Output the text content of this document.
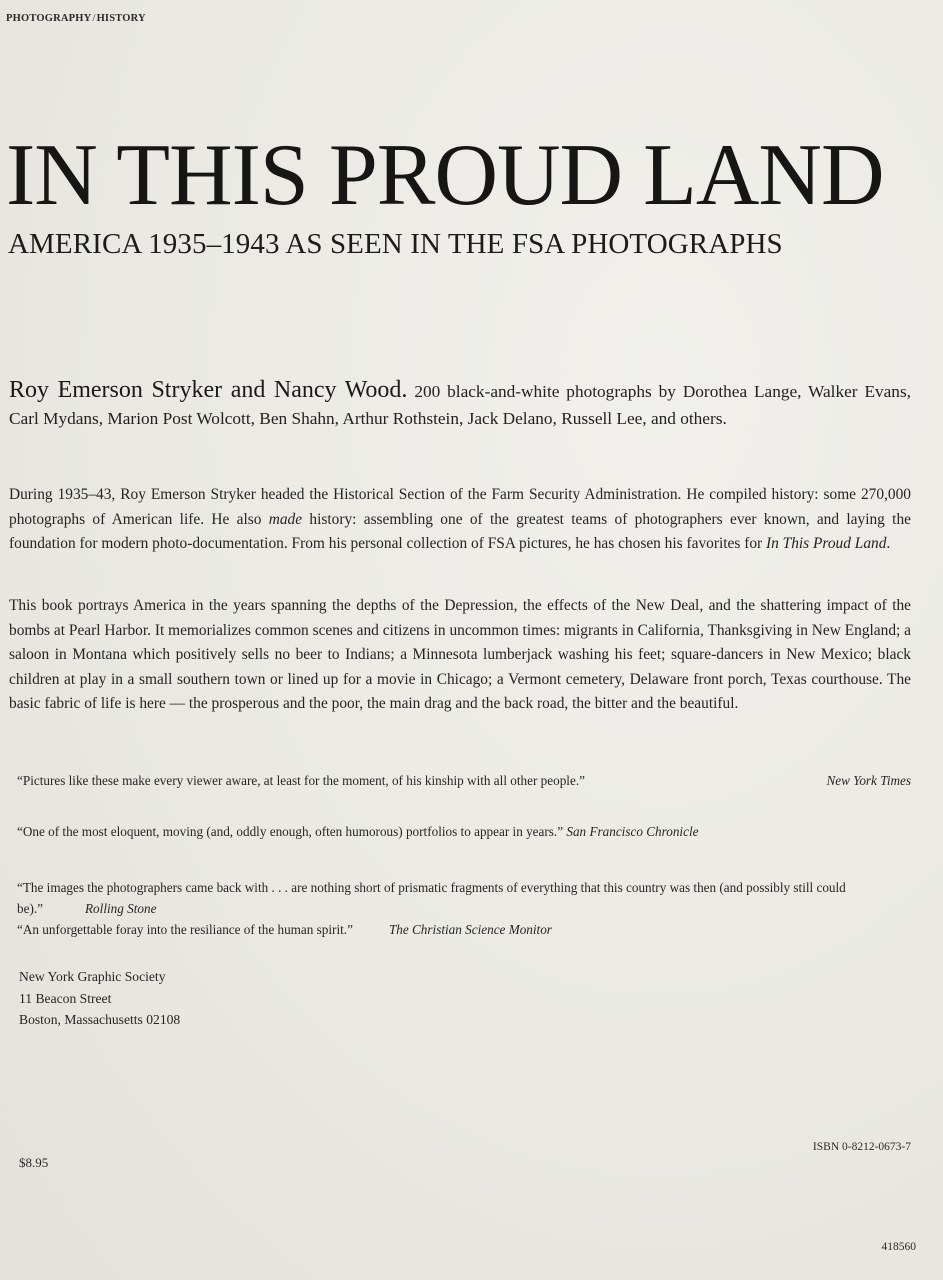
PHOTOGRAPHY/HISTORY
IN THIS PROUD LAND
AMERICA 1935–1943 AS SEEN IN THE FSA PHOTOGRAPHS
Roy Emerson Stryker and Nancy Wood. 200 black-and-white photographs by Dorothea Lange, Walker Evans, Carl Mydans, Marion Post Wolcott, Ben Shahn, Arthur Rothstein, Jack Delano, Russell Lee, and others.
During 1935–43, Roy Emerson Stryker headed the Historical Section of the Farm Security Administration. He compiled history: some 270,000 photographs of American life. He also made history: assembling one of the greatest teams of photographers ever known, and laying the foundation for modern photo-documentation. From his personal collection of FSA pictures, he has chosen his favorites for In This Proud Land.
This book portrays America in the years spanning the depths of the Depression, the effects of the New Deal, and the shattering impact of the bombs at Pearl Harbor. It memorializes common scenes and citizens in uncommon times: migrants in California, Thanksgiving in New England; a saloon in Montana which positively sells no beer to Indians; a Minnesota lumberjack washing his feet; square-dancers in New Mexico; black children at play in a small southern town or lined up for a movie in Chicago; a Vermont cemetery, Delaware front porch, Texas courthouse. The basic fabric of life is here — the prosperous and the poor, the main drag and the back road, the bitter and the beautiful.
“Pictures like these make every viewer aware, at least for the moment, of his kinship with all other people.”	New York Times
“One of the most eloquent, moving (and, oddly enough, often humorous) portfolios to appear in years.” San Francisco Chronicle
“The images the photographers came back with . . . are nothing short of prismatic fragments of everything that this country was then (and possibly still could be).”	Rolling Stone
“An unforgettable foray into the resiliance of the human spirit.”	The Christian Science Monitor
New York Graphic Society
11 Beacon Street
Boston, Massachusetts 02108
$8.95
ISBN 0-8212-0673-7
418560
